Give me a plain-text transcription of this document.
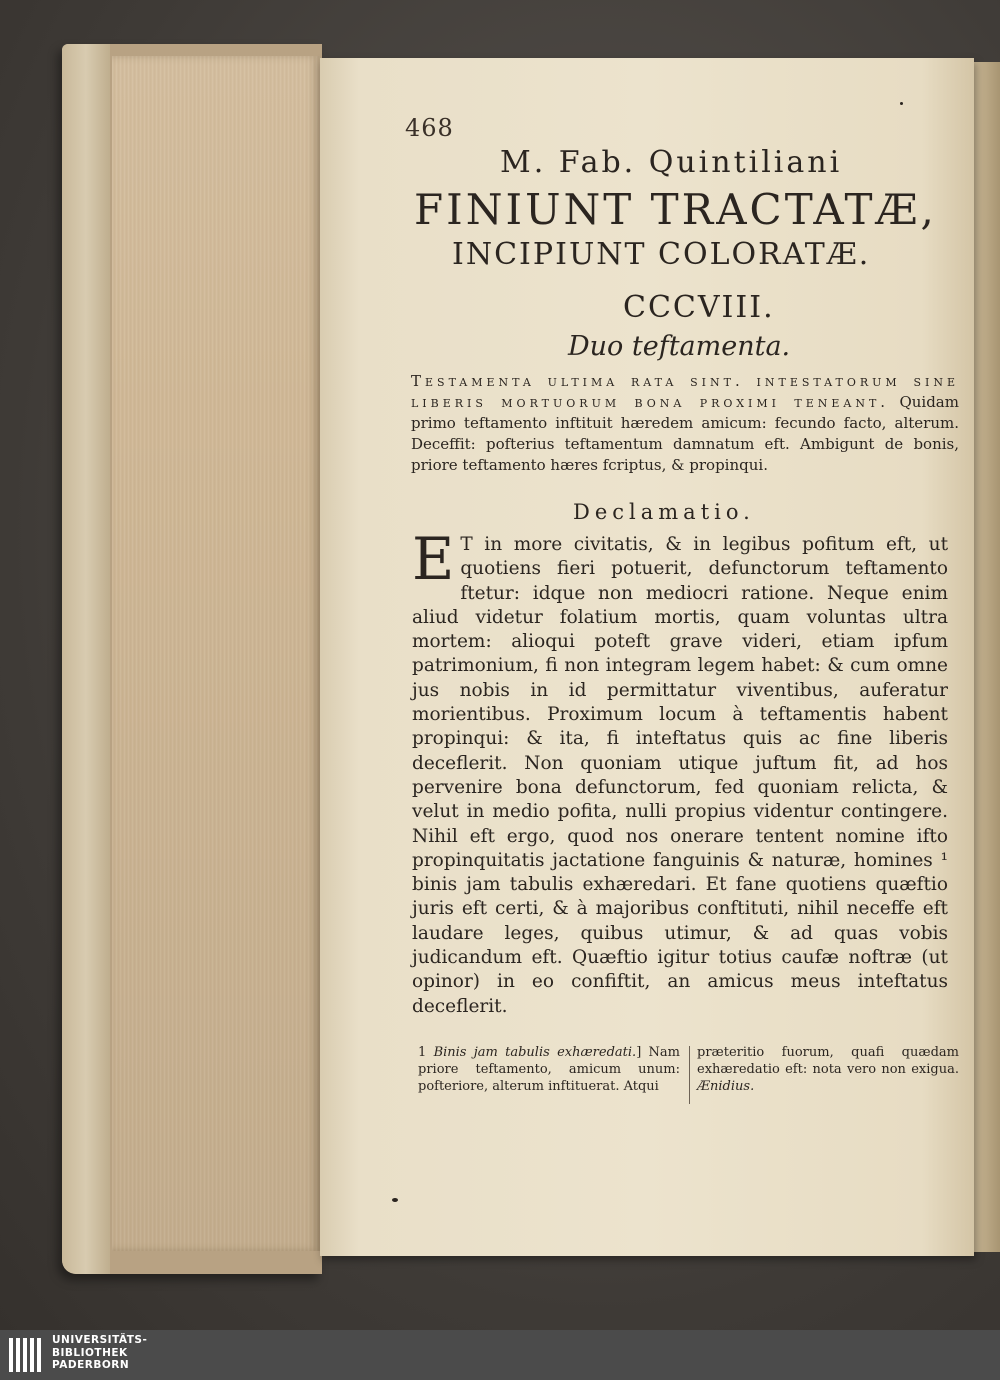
468

M. Fab. Quintiliani

FINIUNT TRACTATÆ,

INCIPIUNT COLORATÆ.

CCCVIII.

Duo teftamenta.

Testamenta ultima rata sint. intestatorum sine liberis mortuorum bona proximi teneant. Quidam primo teftamento inftituit hæredem amicum: fecundo facto, alterum. Deceffit: pofterius teftamentum damnatum eft. Ambigunt de bonis, priore teftamento hæres fcriptus, & propinqui.

Declamatio.

E T in more civitatis, & in legibus pofitum eft, ut quotiens fieri potuerit, defunctorum teftamento ftetur: idque non mediocri ratione. Neque enim aliud videtur folatium mortis, quam voluntas ultra mortem: alioqui poteft grave videri, etiam ipfum patrimonium, fi non integram legem habet: & cum omne jus nobis in id permittatur viventibus, auferatur morientibus. Proximum locum à teftamentis habent propinqui: & ita, fi inteftatus quis ac fine liberis deceflerit. Non quoniam utique juftum fit, ad hos pervenire bona defunctorum, fed quoniam relicta, & velut in medio pofita, nulli propius videntur contingere. Nihil eft ergo, quod nos onerare tentent nomine ifto propinquitatis jactatione fanguinis & naturæ, homines ¹ binis jam tabulis exhæredari. Et fane quotiens quæftio juris eft certi, & à majoribus conftituti, nihil neceffe eft laudare leges, quibus utimur, & ad quas vobis judicandum eft. Quæftio igitur totius caufæ noftræ (ut opinor) in eo confiftit, an amicus meus inteftatus deceflerit.

1 Binis jam tabulis exhæredati.] Nam priore teftamento, amicum unum: pofteriore, alterum inftituerat. Atqui

præteritio fuorum, quafi quædam exhæredatio eft: nota vero non exigua. Ænidius.

UNIVERSITÄTS-
BIBLIOTHEK
PADERBORN
